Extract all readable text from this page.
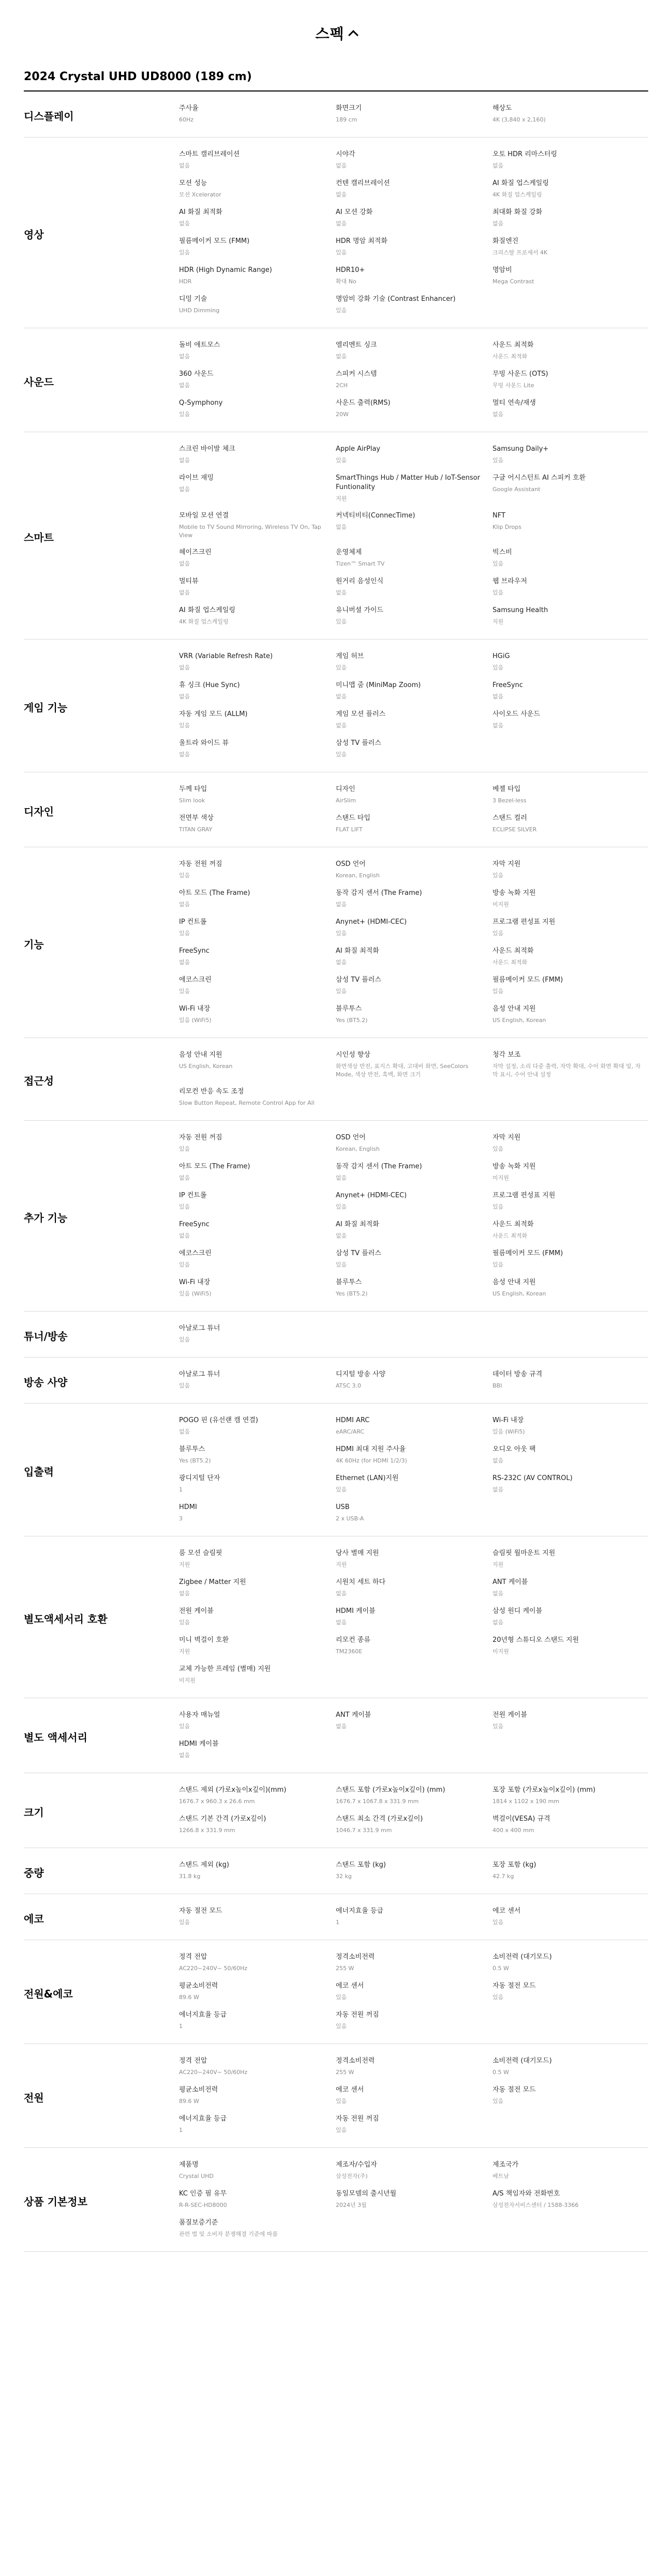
스펙
2024 Crystal UHD UD8000 (189 cm)
디스플레이
주사율
60Hz
화면크기
189 cm
해상도
4K (3,840 x 2,160)
영상
스마트 캘리브레이션
없음
시야각
없음
오토 HDR 리마스터링
없음
모션 성능
모션 Xcelerator
컨텐 캘리브레이션
없음
AI 화질 업스케일링
4K 화질 업스케일링
AI 화질 최적화
없음
AI 모션 강화
없음
최대화 화질 강화
없음
필름메이커 모드 (FMM)
있음
HDR 명암 최적화
있음
화질엔진
크리스탈 프로세서 4K
HDR (High Dynamic Range)
HDR
HDR10+
확대 No
명암비
Mega Contrast
디밍 기술
UHD Dimming
명암비 강화 기술 (Contrast Enhancer)
있음
사운드
돌비 애트모스
없음
엘리멘트 싱크
없음
사운드 최적화
사운드 최적화
360 사운드
없음
스피커 시스템
2CH
무빙 사운드 (OTS)
무빙 사운드 Lite
Q-Symphony
있음
사운드 출력(RMS)
20W
멀티 연속/재생
없음
스마트
스크린 바이발 체크
없음
Apple AirPlay
있음
Samsung Daily+
있음
라이브 재밍
없음
SmartThings Hub / Matter Hub / IoT-Sensor Funtionality
지원
구글 어시스턴트 AI 스피커 호환
Google Assistant
모바일 모션 연결
Mobile to TV Sound Mirroring, Wireless TV On, Tap View
커넥티비티(ConnecTime)
없음
NFT
Klip Drops
헤이즈크린
없음
운영체제
Tizen™ Smart TV
빅스비
있음
멀티뷰
없음
원거리 음성인식
없음
웹 브라우저
있음
AI 화질 업스케일링
4K 화질 업스케일링
유니버셜 가이드
있음
Samsung Health
지원
게임 기능
VRR (Variable Refresh Rate)
없음
게임 허브
있음
HGiG
있음
휴 싱크 (Hue Sync)
없음
미니맵 줌 (MiniMap Zoom)
없음
FreeSync
없음
자동 게임 모드 (ALLM)
있음
게임 모션 플러스
없음
사이오드 사운드
없음
울트라 와이드 뷰
없음
삼성 TV 플러스
있음
디자인
두께 타입
Slim look
디자인
AirSlim
베젤 타입
3 Bezel-less
전면부 색상
TITAN GRAY
스탠드 타입
FLAT LIFT
스탠드 컬러
ECLIPSE SILVER
기능
자동 전원 꺼짐
있음
OSD 언어
Korean, English
자막 지원
있음
아트 모드 (The Frame)
없음
동작 감지 센서 (The Frame)
없음
방송 녹화 지원
미지원
IP 컨트롤
있음
Anynet+ (HDMI-CEC)
있음
프로그램 편성표 지원
있음
FreeSync
없음
AI 화질 최적화
없음
사운드 최적화
사운드 최적화
에코스크린
있음
삼성 TV 플러스
있음
필름메이커 모드 (FMM)
있음
Wi-Fi 내장
있음 (WiFi5)
블루투스
Yes (BT5.2)
음성 안내 지원
US English, Korean
접근성
음성 안내 지원
US English, Korean
시인성 향상
화면색상 반전, 표지스 확대, 고대비 화면, SeeColors Mode, 색상 반전, 흑백, 화면 크기
청각 보조
자막 설정, 소리 다중 출력, 자막 확대, 수어 화면 확대 및, 자막 표시, 수어 안내 설정
리모컨 반응 속도 조정
Slow Button Repeat, Remote Control App for All
추가 기능
자동 전원 꺼짐
있음
OSD 언어
Korean, English
자막 지원
있음
아트 모드 (The Frame)
없음
동작 감지 센서 (The Frame)
없음
방송 녹화 지원
미지원
IP 컨트롤
있음
Anynet+ (HDMI-CEC)
있음
프로그램 편성표 지원
있음
FreeSync
없음
AI 화질 최적화
없음
사운드 최적화
사운드 최적화
에코스크린
있음
삼성 TV 플러스
있음
필름메이커 모드 (FMM)
있음
Wi-Fi 내장
있음 (WiFi5)
블루투스
Yes (BT5.2)
음성 안내 지원
US English, Korean
튜너/방송
아날로그 튜너
있음
방송 사양
아날로그 튜너
있음
디지털 방송 사양
ATSC 3.0
데이터 방송 규격
BBI
입출력
POGO 핀 (유선랜 캠 연결)
없음
HDMI ARC
eARC/ARC
Wi-Fi 내장
있음 (WiFi5)
블루투스
Yes (BT5.2)
HDMI 최대 지원 주사율
4K 60Hz (for HDMI 1/2/3)
오디오 아웃 팩
없음
광디지털 단자
1
Ethernet (LAN)지원
있음
RS-232C (AV CONTROL)
없음
HDMI
3
USB
2 x USB-A
별도액세서리 호환
룸 모션 슬림핏
지원
당사 별매 지원
지원
슬림핏 월마운트 지원
지원
Zigbee / Matter 지원
없음
시원치 세트 하다
없음
ANT 케이블
없음
전원 케이블
있음
HDMI 케이블
없음
삼성 원디 케이블
없음
미니 벽걸이 호환
지원
리모컨 종류
TM2360E
20년형 스튜디오 스탠드 지원
미지원
교체 가능한 프레임 (별매) 지원
미지원
별도 액세서리
사용자 매뉴얼
있음
ANT 케이블
없음
전원 케이블
있음
HDMI 케이블
없음
크기
스탠드 제외 (가로x높이x깊이)(mm)
1676.7 x 960.3 x 26.6 mm
스탠드 포함 (가로x높이x깊이) (mm)
1676.7 x 1067.8 x 331.9 mm
포장 포함 (가로x높이x깊이) (mm)
1814 x 1102 x 190 mm
스탠드 기본 간격 (가로x깊이)
1266.8 x 331.9 mm
스탠드 최소 간격 (가로x깊이)
1046.7 x 331.9 mm
벽걸이(VESA) 규격
400 x 400 mm
중량
스탠드 제외 (kg)
31.8 kg
스탠드 포함 (kg)
32 kg
포장 포함 (kg)
42.7 kg
에코
자동 절전 모드
있음
에너지효율 등급
1
에코 센서
있음
전원&에코
정격 전압
AC220~240V~ 50/60Hz
정격소비전력
255 W
소비전력 (대기모드)
0.5 W
평균소비전력
89.6 W
에코 센서
있음
자동 절전 모드
있음
에너지효율 등급
1
자동 전원 꺼짐
있음
전원
정격 전압
AC220~240V~ 50/60Hz
정격소비전력
255 W
소비전력 (대기모드)
0.5 W
평균소비전력
89.6 W
에코 센서
있음
자동 절전 모드
있음
에너지효율 등급
1
자동 전원 꺼짐
있음
상품 기본정보
제품명
Crystal UHD
제조자/수입자
삼성전자(주)
제조국가
베트남
KC 인증 필 유무
R-R-SEC-HD8000
동일모델의 출시년월
2024년 3월
A/S 책임자와 전화번호
삼성전자서비스센터 / 1588-3366
품질보증기준
관련 법 및 소비자 분쟁해결 기준에 따름
